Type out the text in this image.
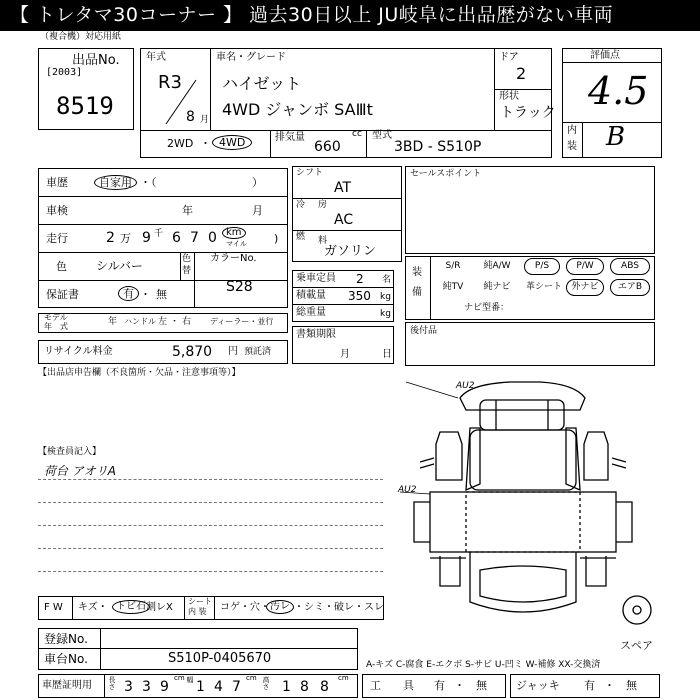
【 トレタマ30コーナー 】 過去30日以上 JU岐阜に出品歴がない車両
（複合機）対応用紙
出品No.
[2003]
8519
年式
R3
8 月
車名・グレード
ハイゼット
4WD ジャンボ SAⅢt
ドア
2
形状
トラック
2WD ・ 4WD	排気量	cc
660
型式
3BD - S510P
評価点
4.5
内
装 B
車歴	自家用 ・（	）
車検	年	月
走行	2 万 9 千 6 7 0 km
マイル )
色 シルバー	色
替
カラーNo.
S28
保証書	有 ・ 無
モデル
年　式	年 ハンドル 左 ・ 右 ディーラー・並行
リサイクル料金	5,870 円 預託済
【出品店申告欄（不良箇所・欠品・注意事項等）】
【検査員記入】
荷台 アオリA
シフト
AT
冷 房
AC
燃 料
ガソリン
乗車定員 2 名
積載量 350 kg
総重量	kg
書類期限
月	日
セールスポイント
装
備
S/R	純A/W	P/S	P/W	ABS
純TV	純ナビ	革シート	外ナビ	エアB
ナビ型番：
後付品
AU2
AU2
スペア
A-キズ C-腐食 E-エクボ S-サビ U-凹ミ W-補修 XX-交換済
F W キズ・ トビ石 割レX
シート
内 装 コゲ・穴・ 汚レ ・シミ・破レ・スレ
登録No.
車台No.	S510P-0405670
車歴証明用 長さ 3 3 9
cm 幅 1 4 7
cm 高さ 1 8 8
cm
工　　具 有 ・ 無	ジャッキ 有 ・ 無
